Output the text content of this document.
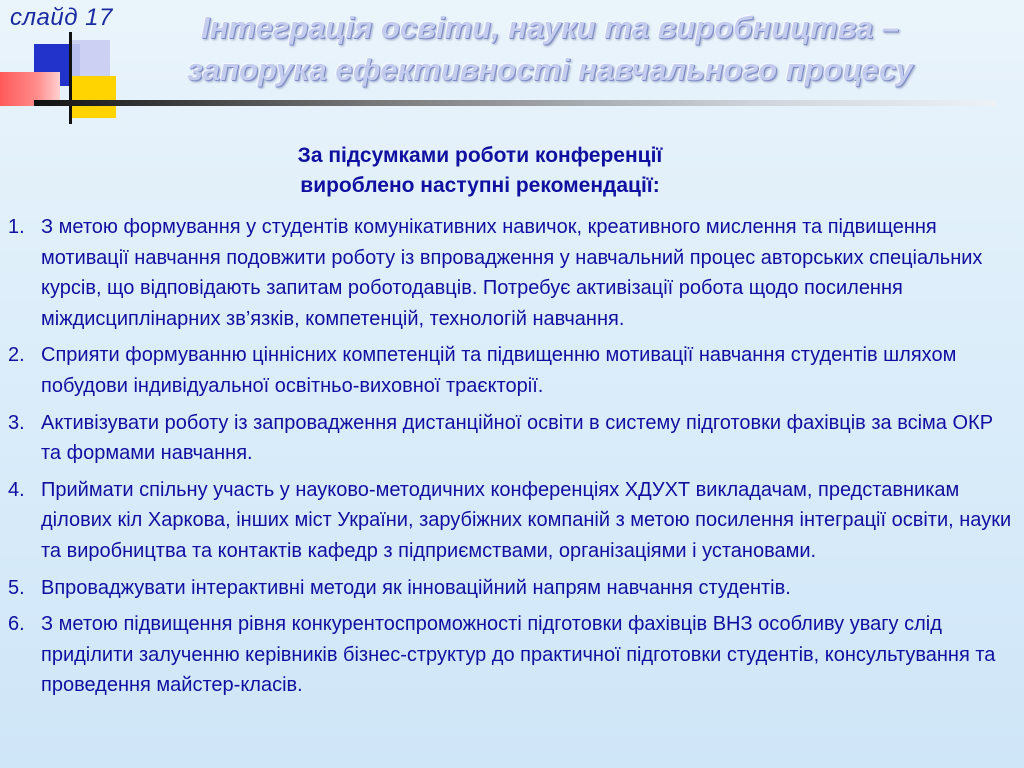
слайд 17	Інтеграція освіти, науки та виробництва –
запорука ефективності навчального процесу
За підсумками роботи конференції
вироблено наступні рекомендації:
1. З метою формування у студентів комунікативних навичок, креативного мислення та підвищення мотивації навчання подовжити роботу із впровадження у навчальний процес авторських спеціальних курсів, що відповідають запитам роботодавців. Потребує активізації робота щодо посилення міждисциплінарних зв’язків, компетенцій, технологій навчання.
2. Сприяти формуванню ціннісних компетенцій та підвищенню мотивації навчання студентів шляхом побудови індивідуальної освітньо-виховної траєкторії.
3. Активізувати роботу із запровадження дистанційної освіти в систему підготовки фахівців за всіма ОКР та формами навчання.
4. Приймати спільну участь у науково-методичних конференціях ХДУХТ викладачам, представникам ділових кіл Харкова, інших міст України, зарубіжних компаній з метою посилення інтеграції освіти, науки та виробництва та контактів кафедр з підприємствами, організаціями і установами.
5. Впроваджувати інтерактивні методи як інноваційний напрям навчання студентів.
6. З метою підвищення рівня конкурентоспроможності підготовки фахівців ВНЗ особливу увагу слід приділити залученню керівників бізнес-структур до практичної підготовки студентів, консультування та проведення майстер-класів.
